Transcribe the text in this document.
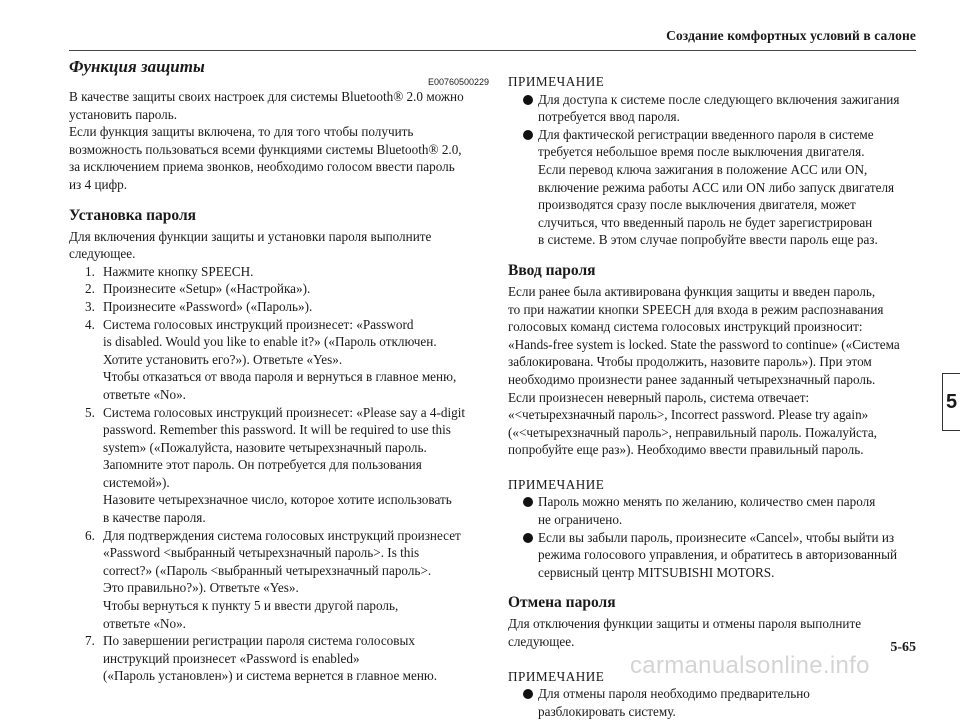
Создание комфортных условий в салоне
Функция защиты
E00760500229
В качестве защиты своих настроек для системы Bluetooth® 2.0 можно
установить пароль.
Если функция защиты включена, то для того чтобы получить
возможность пользоваться всеми функциями системы Bluetooth® 2.0,
за исключением приема звонков, необходимо голосом ввести пароль
из 4 цифр.
Установка пароля
Для включения функции защиты и установки пароля выполните
следующее.
1. Нажмите кнопку SPEECH.
2. Произнесите «Setup» («Настройка»).
3. Произнесите «Password» («Пароль»).
4. Система голосовых инструкций произнесет: «Password
is disabled. Would you like to enable it?» («Пароль отключен.
Хотите установить его?»). Ответьте «Yes».
Чтобы отказаться от ввода пароля и вернуться в главное меню,
ответьте «No».
5. Система голосовых инструкций произнесет: «Please say a 4-digit
password. Remember this password. It will be required to use this
system» («Пожалуйста, назовите четырехзначный пароль.
Запомните этот пароль. Он потребуется для пользования
системой»).
Назовите четырехзначное число, которое хотите использовать
в качестве пароля.
6. Для подтверждения система голосовых инструкций произнесет
«Password <выбранный четырехзначный пароль>. Is this
correct?» («Пароль <выбранный четырехзначный пароль>.
Это правильно?»). Ответьте «Yes».
Чтобы вернуться к пункту 5 и ввести другой пароль,
ответьте «No».
7. По завершении регистрации пароля система голосовых
инструкций произнесет «Password is enabled»
(«Пароль установлен») и система вернется в главное меню.
ПРИМЕЧАНИЕ
Для доступа к системе после следующего включения зажигания
потребуется ввод пароля.
Для фактической регистрации введенного пароля в системе
требуется небольшое время после выключения двигателя.
Если перевод ключа зажигания в положение ACC или ON,
включение режима работы ACC или ON либо запуск двигателя
производятся сразу после выключения двигателя, может
случиться, что введенный пароль не будет зарегистрирован
в системе. В этом случае попробуйте ввести пароль еще раз.
Ввод пароля
Если ранее была активирована функция защиты и введен пароль,
то при нажатии кнопки SPEECH для входа в режим распознавания
голосовых команд система голосовых инструкций произносит:
«Hands-free system is locked. State the password to continue» («Система
заблокирована. Чтобы продолжить, назовите пароль»). При этом
необходимо произнести ранее заданный четырехзначный пароль.
Если произнесен неверный пароль, система отвечает:
«<четырехзначный пароль>, Incorrect password. Please try again»
(«<четырехзначный пароль>, неправильный пароль. Пожалуйста,
попробуйте еще раз»). Необходимо ввести правильный пароль.
ПРИМЕЧАНИЕ
Пароль можно менять по желанию, количество смен пароля
не ограничено.
Если вы забыли пароль, произнесите «Cancel», чтобы выйти из
режима голосового управления, и обратитесь в авторизованный
сервисный центр MITSUBISHI MOTORS.
Отмена пароля
Для отключения функции защиты и отмены пароля выполните
следующее.
ПРИМЕЧАНИЕ
Для отмены пароля необходимо предварительно
разблокировать систему.
5
5-65
carmanualsonline.info
